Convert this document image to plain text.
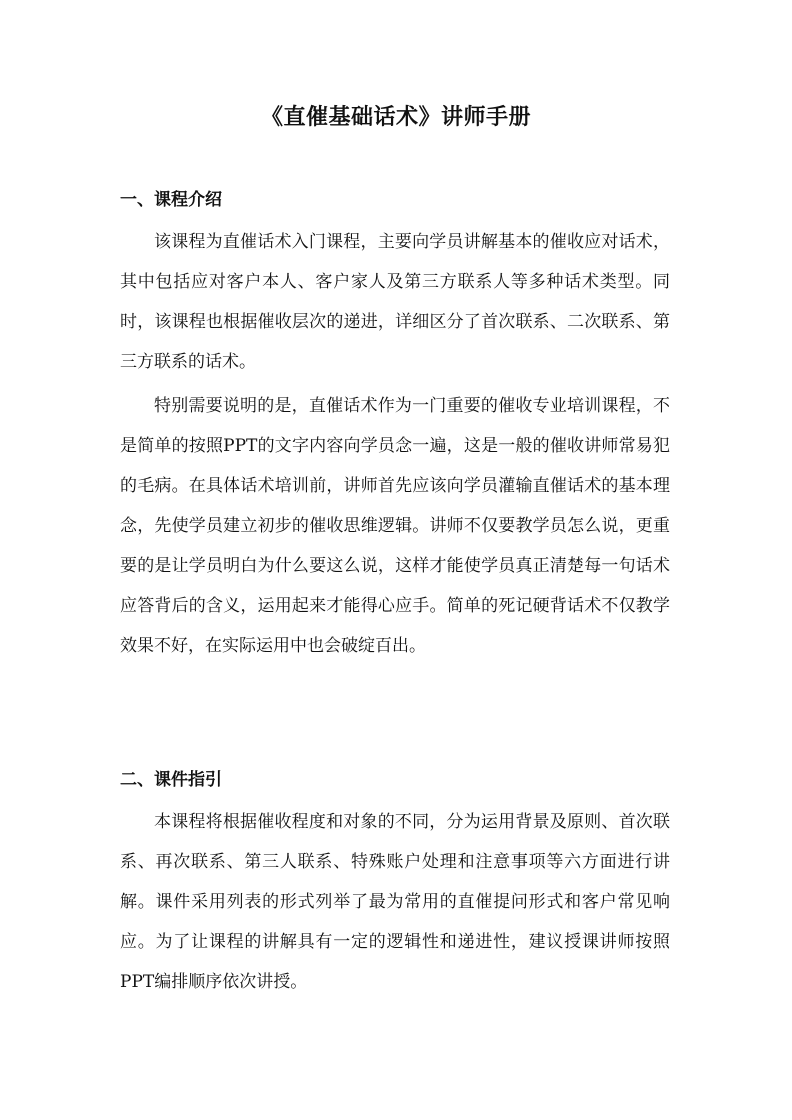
《直催基础话术》讲师手册
一、课程介绍

该课程为直催话术入门课程，主要向学员讲解基本的催收应对话术，其中包括应对客户本人、客户家人及第三方联系人等多种话术类型。同时，该课程也根据催收层次的递进，详细区分了首次联系、二次联系、第三方联系的话术。

特别需要说明的是，直催话术作为一门重要的催收专业培训课程，不是简单的按照PPT的文字内容向学员念一遍，这是一般的催收讲师常易犯的毛病。在具体话术培训前，讲师首先应该向学员灌输直催话术的基本理念，先使学员建立初步的催收思维逻辑。讲师不仅要教学员怎么说，更重要的是让学员明白为什么要这么说，这样才能使学员真正清楚每一句话术应答背后的含义，运用起来才能得心应手。简单的死记硬背话术不仅教学效果不好，在实际运用中也会破绽百出。

二、课件指引

本课程将根据催收程度和对象的不同，分为运用背景及原则、首次联系、再次联系、第三人联系、特殊账户处理和注意事项等六方面进行讲解。课件采用列表的形式列举了最为常用的直催提问形式和客户常见响应。为了让课程的讲解具有一定的逻辑性和递进性，建议授课讲师按照PPT编排顺序依次讲授。
